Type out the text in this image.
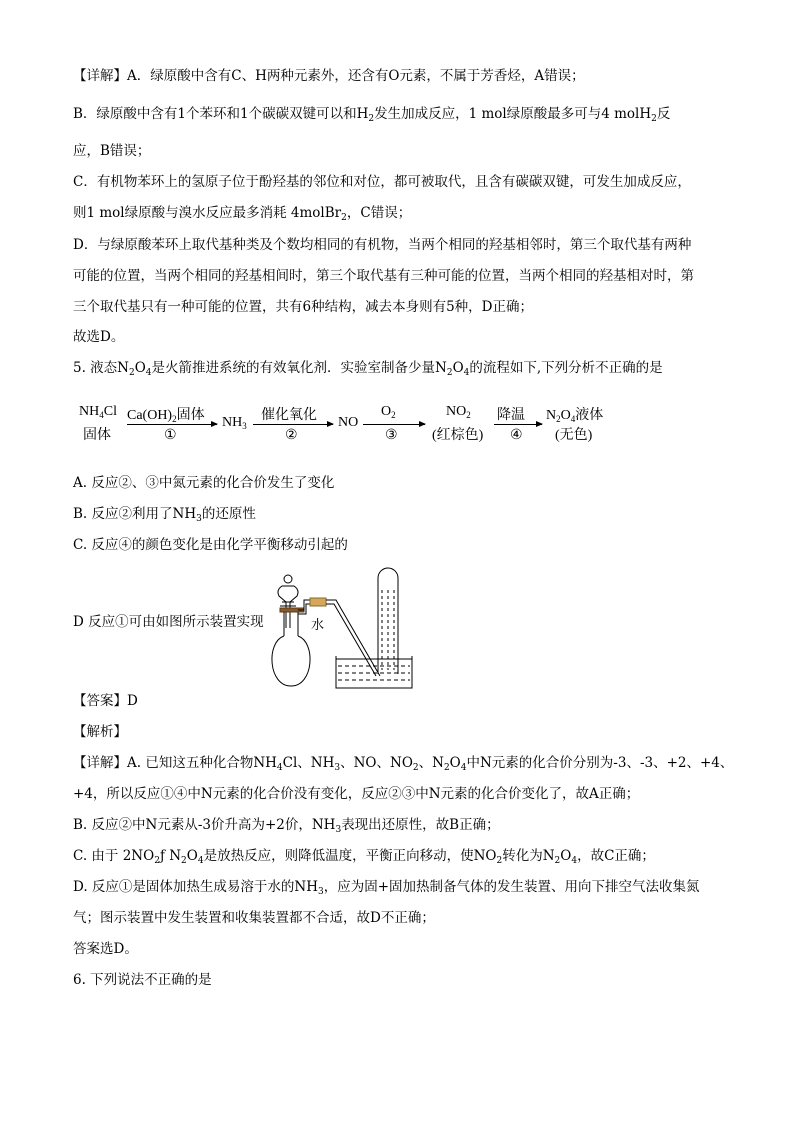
【详解】A．绿原酸中含有C、H两种元素外，还含有O元素，不属于芳香烃，A错误；
B．绿原酸中含有1个苯环和1个碳碳双键可以和$H_2$发生加成反应，1 mol绿原酸最多可与4 molH$_2$反
应，B错误；
C．有机物苯环上的氢原子位于酚羟基的邻位和对位，都可被取代，且含有碳碳双键，可发生加成反应，
则1 mol绿原酸与溴水反应最多消耗 4molBr$_2$，C错误；
D．与绿原酸苯环上取代基种类及个数均相同的有机物，当两个相同的羟基相邻时，第三个取代基有两种
可能的位置，当两个相同的羟基相间时，第三个取代基有三种可能的位置，当两个相同的羟基相对时，第
三个取代基只有一种可能的位置，共有6种结构，减去本身则有5种，D正确；
故选D。
5. 液态$N_2O_4$是火箭推进系统的有效氧化剂．实验室制备少量$N_2O_4$的流程如下,下列分析不正确的是
$NH_4Cl$
固体
$Ca(OH)_2$固体
①
$NH_3$
催化氧化
②
NO
$O_2$
③
$NO_2$
(红棕色)
降温
④
$N_2O_4$液体
(无色)
A. 反应②、③中氮元素的化合价发生了变化
B. 反应②利用了$NH_3$的还原性
C. 反应④的颜色变化是由化学平衡移动引起的
D 反应①可由如图所示装置实现	水
【答案】D
【解析】
【详解】A. 已知这五种化合物$NH_4Cl$、$NH_3$、NO、$NO_2$、$N_2O_4$中N元素的化合价分别为-3、-3、+2、+4、
+4，所以反应①④中N元素的化合价没有变化，反应②③中N元素的化合价变化了，故A正确；
B. 反应②中N元素从-3价升高为+2价，$NH_3$表现出还原性，故B正确；
C. 由于 $2NO_2ƒ$ $N_2O_4$是放热反应，则降低温度，平衡正向移动，使$NO_2$转化为$N_2O_4$，故C正确；
D. 反应①是固体加热生成易溶于水的$NH_3$，应为固+固加热制备气体的发生装置、用向下排空气法收集氮
气；图示装置中发生装置和收集装置都不合适，故D不正确；
答案选D。
6. 下列说法不正确的是
